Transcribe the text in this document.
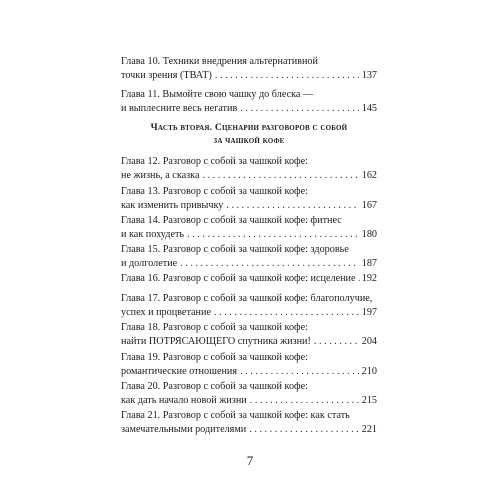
Глава 10. Техники внедрения альтернативной
точки зрения (ТВАТ) . . .	137
Глава 11. Вымойте свою чашку до блеска —
и выплесните весь негатив . . .	145
Часть вторая. Сценарии разговоров с собой
за чашкой кофе
Глава 12. Разговор с собой за чашкой кофе:
не жизнь, а сказка . . .	162
Глава 13. Разговор с собой за чашкой кофе:
как изменить привычку . . .	167
Глава 14. Разговор с собой за чашкой кофе: фитнес
и как похудеть . . .	180
Глава 15. Разговор с собой за чашкой кофе: здоровье
и долголетие . . .	187
Глава 16. Разговор с собой за чашкой кофе: исцеление . . . 192
Глава 17. Разговор с собой за чашкой кофе: благополучие,
успех и процветание . . .	197
Глава 18. Разговор с собой за чашкой кофе:
найти ПОТРЯСАЮЩЕГО спутника жизни! . . .	204
Глава 19. Разговор с собой за чашкой кофе:
романтические отношения . . .	210
Глава 20. Разговор с собой за чашкой кофе:
как дать начало новой жизни . . .	215
Глава 21. Разговор с собой за чашкой кофе: как стать
замечательными родителями . . .	221
7
